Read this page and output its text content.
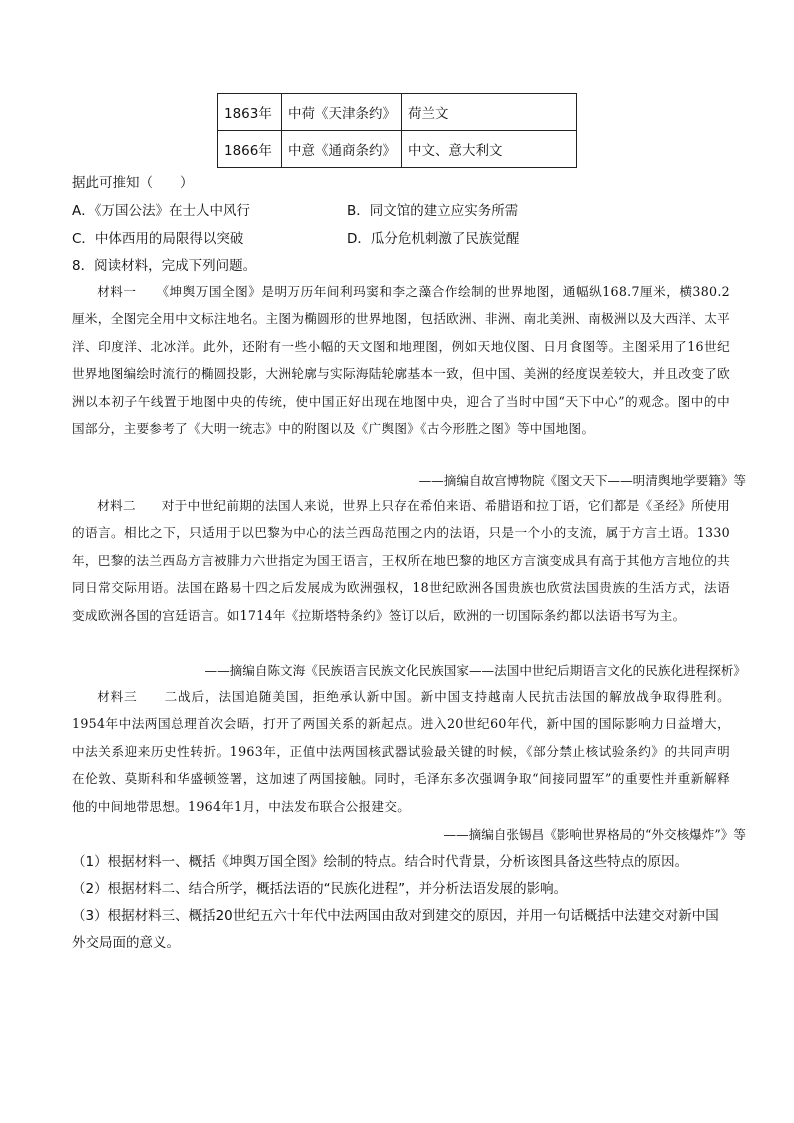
1863年	中荷《天津条约》	荷兰文
1866年	中意《通商条约》	中文、意大利文
据此可推知（　　）
A．《万国公法》在士人中风行	B．同文馆的建立应实务所需
C．中体西用的局限得以突破	D．瓜分危机刺激了民族觉醒
8．阅读材料，完成下列问题。
材料一　　《坤舆万国全图》是明万历年间利玛窦和李之藻合作绘制的世界地图，通幅纵168.7厘米，横380.2厘米，全图完全用中文标注地名。主图为椭圆形的世界地图，包括欧洲、非洲、南北美洲、南极洲以及大西洋、太平洋、印度洋、北冰洋。此外，还附有一些小幅的天文图和地理图，例如天地仪图、日月食图等。主图采用了16世纪世界地图编绘时流行的椭圆投影，大洲轮廓与实际海陆轮廓基本一致，但中国、美洲的经度误差较大，并且改变了欧洲以本初子午线置于地图中央的传统，使中国正好出现在地图中央，迎合了当时中国“天下中心”的观念。图中的中国部分，主要参考了《大明一统志》中的附图以及《广舆图》《古今形胜之图》等中国地图。
——摘编自故宫博物院《图文天下——明清舆地学要籍》等
材料二　　对于中世纪前期的法国人来说，世界上只存在希伯来语、希腊语和拉丁语，它们都是《圣经》所使用的语言。相比之下，只适用于以巴黎为中心的法兰西岛范围之内的法语，只是一个小的支流，属于方言土语。1330年，巴黎的法兰西岛方言被腓力六世指定为国王语言，王权所在地巴黎的地区方言演变成具有高于其他方言地位的共同日常交际用语。法国在路易十四之后发展成为欧洲强权，18世纪欧洲各国贵族也欣赏法国贵族的生活方式，法语变成欧洲各国的宫廷语言。如1714年《拉斯塔特条约》签订以后，欧洲的一切国际条约都以法语书写为主。
——摘编自陈文海《民族语言民族文化民族国家——法国中世纪后期语言文化的民族化进程探析》
材料三　　二战后，法国追随美国，拒绝承认新中国。新中国支持越南人民抗击法国的解放战争取得胜利。1954年中法两国总理首次会晤，打开了两国关系的新起点。进入20世纪60年代，新中国的国际影响力日益增大，中法关系迎来历史性转折。1963年，正值中法两国核武器试验最关键的时候，《部分禁止核试验条约》的共同声明在伦敦、莫斯科和华盛顿签署，这加速了两国接触。同时，毛泽东多次强调争取“间接同盟军”的重要性并重新解释他的中间地带思想。1964年1月，中法发布联合公报建交。
——摘编自张锡昌《影响世界格局的“外交核爆炸”》等
（1）根据材料一、概括《坤舆万国全图》绘制的特点。结合时代背景，分析该图具备这些特点的原因。
（2）根据材料二、结合所学，概括法语的“民族化进程”，并分析法语发展的影响。
（3）根据材料三、概括20世纪五六十年代中法两国由敌对到建交的原因，并用一句话概括中法建交对新中国外交局面的意义。
